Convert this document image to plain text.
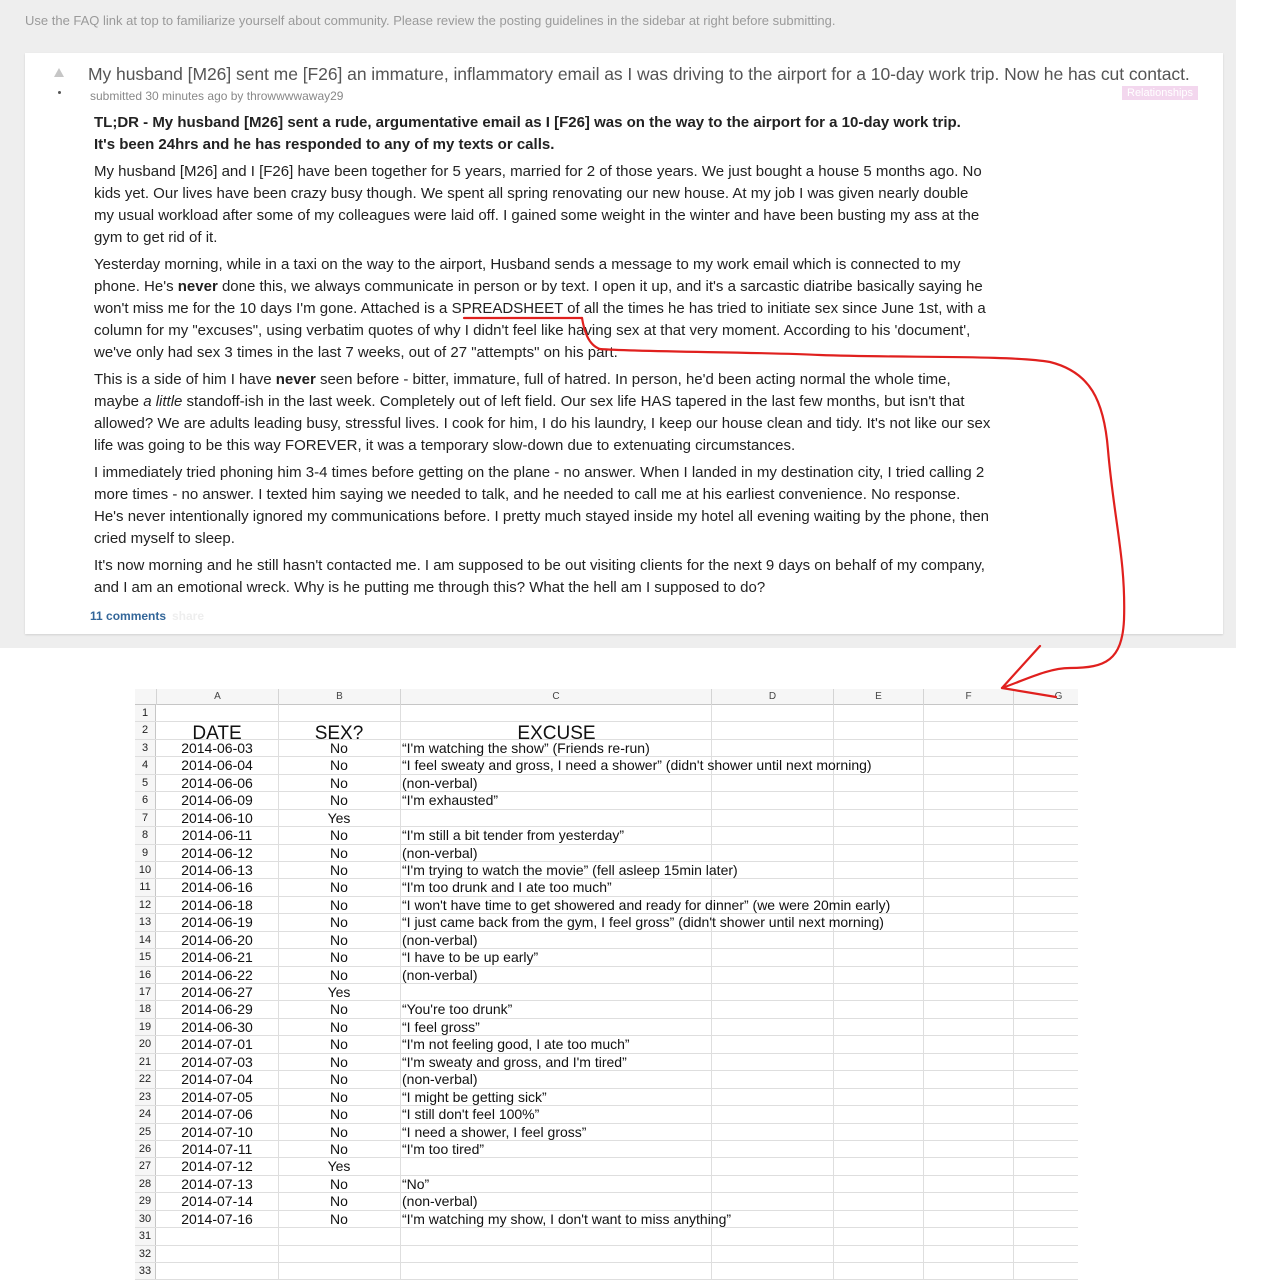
Use the FAQ link at top to familiarize yourself about community. Please review the posting guidelines in the sidebar at right before submitting.
My husband [M26] sent me [F26] an immature, inflammatory email as I was driving to the airport for a 10-day work trip. Now he has cut contact.
submitted 30 minutes ago by throwwwwaway29	Relationships

TL;DR - My husband [M26] sent a rude, argumentative email as I [F26] was on the way to the airport for a 10-day work trip.
It's been 24hrs and he has responded to any of my texts or calls.

My husband [M26] and I [F26] have been together for 5 years, married for 2 of those years. We just bought a house 5 months ago. No
kids yet. Our lives have been crazy busy though. We spent all spring renovating our new house. At my job I was given nearly double
my usual workload after some of my colleagues were laid off. I gained some weight in the winter and have been busting my ass at the
gym to get rid of it.

Yesterday morning, while in a taxi on the way to the airport, Husband sends a message to my work email which is connected to my
phone. He's never done this, we always communicate in person or by text. I open it up, and it's a sarcastic diatribe basically saying he
won't miss me for the 10 days I'm gone. Attached is a SPREADSHEET of all the times he has tried to initiate sex since June 1st, with a
column for my "excuses", using verbatim quotes of why I didn't feel like having sex at that very moment. According to his 'document',
we've only had sex 3 times in the last 7 weeks, out of 27 "attempts" on his part.

This is a side of him I have never seen before - bitter, immature, full of hatred. In person, he'd been acting normal the whole time,
maybe a little standoff-ish in the last week. Completely out of left field. Our sex life HAS tapered in the last few months, but isn't that
allowed? We are adults leading busy, stressful lives. I cook for him, I do his laundry, I keep our house clean and tidy. It's not like our sex
life was going to be this way FOREVER, it was a temporary slow-down due to extenuating circumstances.

I immediately tried phoning him 3-4 times before getting on the plane - no answer. When I landed in my destination city, I tried calling 2
more times - no answer. I texted him saying we needed to talk, and he needed to call me at his earliest convenience. No response.
He's never intentionally ignored my communications before. I pretty much stayed inside my hotel all evening waiting by the phone, then
cried myself to sleep.

It's now morning and he still hasn't contacted me. I am supposed to be out visiting clients for the next 9 days on behalf of my company,
and I am an emotional wreck. Why is he putting me through this? What the hell am I supposed to do?

11 comments share
A	B	C	D	E	F	G
1
2	DATE	SEX?	EXCUSE
3	2014-06-03	No	“I'm watching the show” (Friends re-run)
4	2014-06-04	No	“I feel sweaty and gross, I need a shower” (didn't shower until next morning)
5	2014-06-06	No	(non-verbal)
6	2014-06-09	No	“I'm exhausted”
7	2014-06-10	Yes
8	2014-06-11	No	“I'm still a bit tender from yesterday”
9	2014-06-12	No	(non-verbal)
10	2014-06-13	No	“I'm trying to watch the movie” (fell asleep 15min later)
11	2014-06-16	No	“I'm too drunk and I ate too much”
12	2014-06-18	No	“I won't have time to get showered and ready for dinner” (we were 20min early)
13	2014-06-19	No	“I just came back from the gym, I feel gross” (didn't shower until next morning)
14	2014-06-20	No	(non-verbal)
15	2014-06-21	No	“I have to be up early”
16	2014-06-22	No	(non-verbal)
17	2014-06-27	Yes
18	2014-06-29	No	“You're too drunk”
19	2014-06-30	No	“I feel gross”
20	2014-07-01	No	“I'm not feeling good, I ate too much”
21	2014-07-03	No	“I'm sweaty and gross, and I'm tired”
22	2014-07-04	No	(non-verbal)
23	2014-07-05	No	“I might be getting sick”
24	2014-07-06	No	“I still don't feel 100%”
25	2014-07-10	No	“I need a shower, I feel gross”
26	2014-07-11	No	“I'm too tired”
27	2014-07-12	Yes
28	2014-07-13	No	“No”
29	2014-07-14	No	(non-verbal)
30	2014-07-16	No	“I'm watching my show, I don't want to miss anything”
31
32
33
